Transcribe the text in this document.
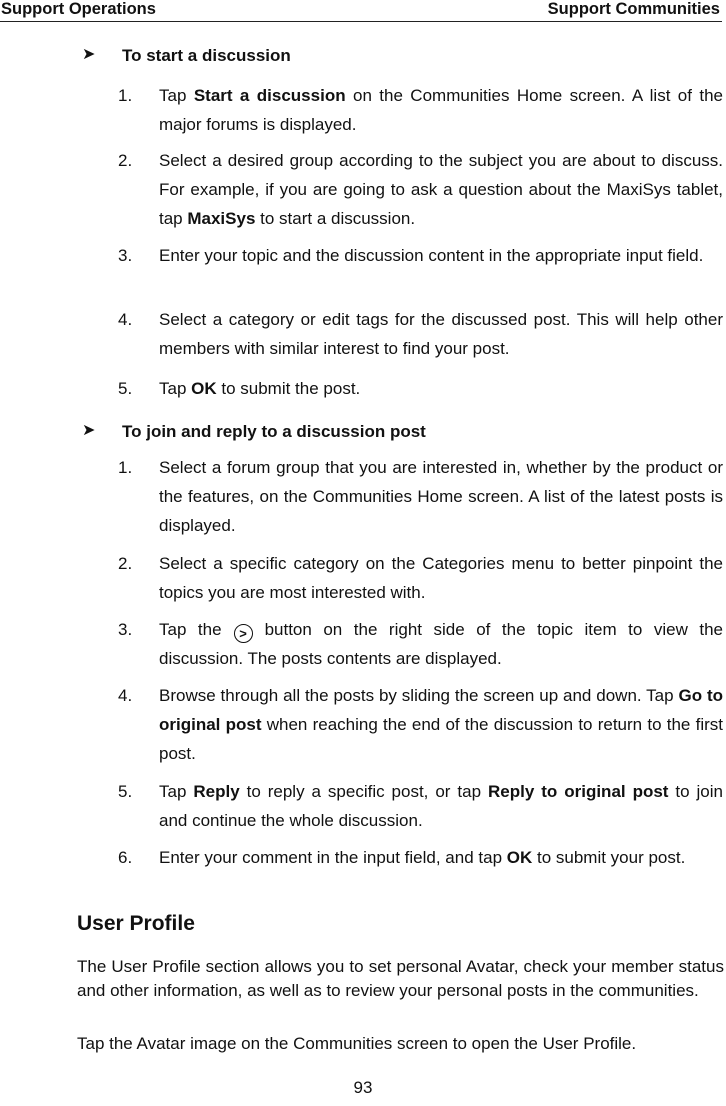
Support Operations	Support Communities
➤ To start a discussion
1. Tap Start a discussion on the Communities Home screen. A list of the major forums is displayed.
2. Select a desired group according to the subject you are about to discuss. For example, if you are going to ask a question about the MaxiSys tablet, tap MaxiSys to start a discussion.
3. Enter your topic and the discussion content in the appropriate input field.
4. Select a category or edit tags for the discussed post. This will help other members with similar interest to find your post.
5. Tap OK to submit the post.
➤ To join and reply to a discussion post
1. Select a forum group that you are interested in, whether by the product or the features, on the Communities Home screen. A list of the latest posts is displayed.
2. Select a specific category on the Categories menu to better pinpoint the topics you are most interested with.
3. Tap the > button on the right side of the topic item to view the discussion. The posts contents are displayed.
4. Browse through all the posts by sliding the screen up and down. Tap Go to original post when reaching the end of the discussion to return to the first post.
5. Tap Reply to reply a specific post, or tap Reply to original post to join and continue the whole discussion.
6. Enter your comment in the input field, and tap OK to submit your post.
User Profile
The User Profile section allows you to set personal Avatar, check your member status and other information, as well as to review your personal posts in the communities.
Tap the Avatar image on the Communities screen to open the User Profile.
93
